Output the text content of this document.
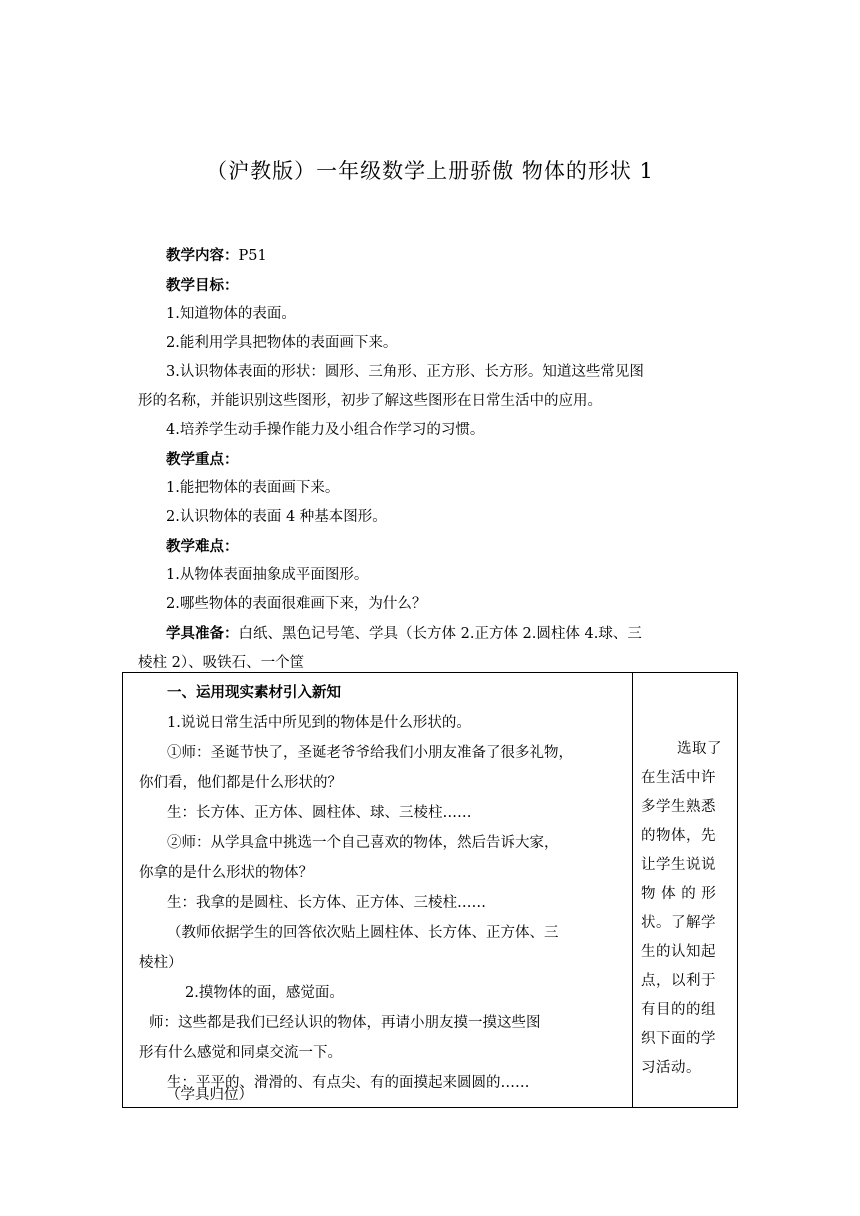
（沪教版）一年级数学上册骄傲 物体的形状 1
教学内容：P51
教学目标：
1.知道物体的表面。
2.能利用学具把物体的表面画下来。
3.认识物体表面的形状：圆形、三角形、正方形、长方形。知道这些常见图
形的名称，并能识别这些图形，初步了解这些图形在日常生活中的应用。
4.培养学生动手操作能力及小组合作学习的习惯。
教学重点：
1.能把物体的表面画下来。
2.认识物体的表面 4 种基本图形。
教学难点：
1.从物体表面抽象成平面图形。
2.哪些物体的表面很难画下来，为什么？
学具准备：白纸、黑色记号笔、学具（长方体 2.正方体 2.圆柱体 4.球、三
棱柱 2）、吸铁石、一个筐
一、运用现实素材引入新知
1.说说日常生活中所见到的物体是什么形状的。
①师：圣诞节快了，圣诞老爷爷给我们小朋友准备了很多礼物，
你们看，他们都是什么形状的？
生：长方体、正方体、圆柱体、球、三棱柱……
②师：从学具盒中挑选一个自己喜欢的物体，然后告诉大家，
你拿的是什么形状的物体？
生：我拿的是圆柱、长方体、正方体、三棱柱……
（教师依据学生的回答依次贴上圆柱体、长方体、正方体、三
棱柱）
2.摸物体的面，感觉面。
师：这些都是我们已经认识的物体，再请小朋友摸一摸这些图
形有什么感觉和同桌交流一下。
生：平平的、滑滑的、有点尖、有的面摸起来圆圆的……
选取了
在生活中许
多学生熟悉
的物体，先
让学生说说
物 体 的 形
状。了解学
生的认知起
点，以利于
有目的的组
织下面的学
习活动。
（学具归位）
